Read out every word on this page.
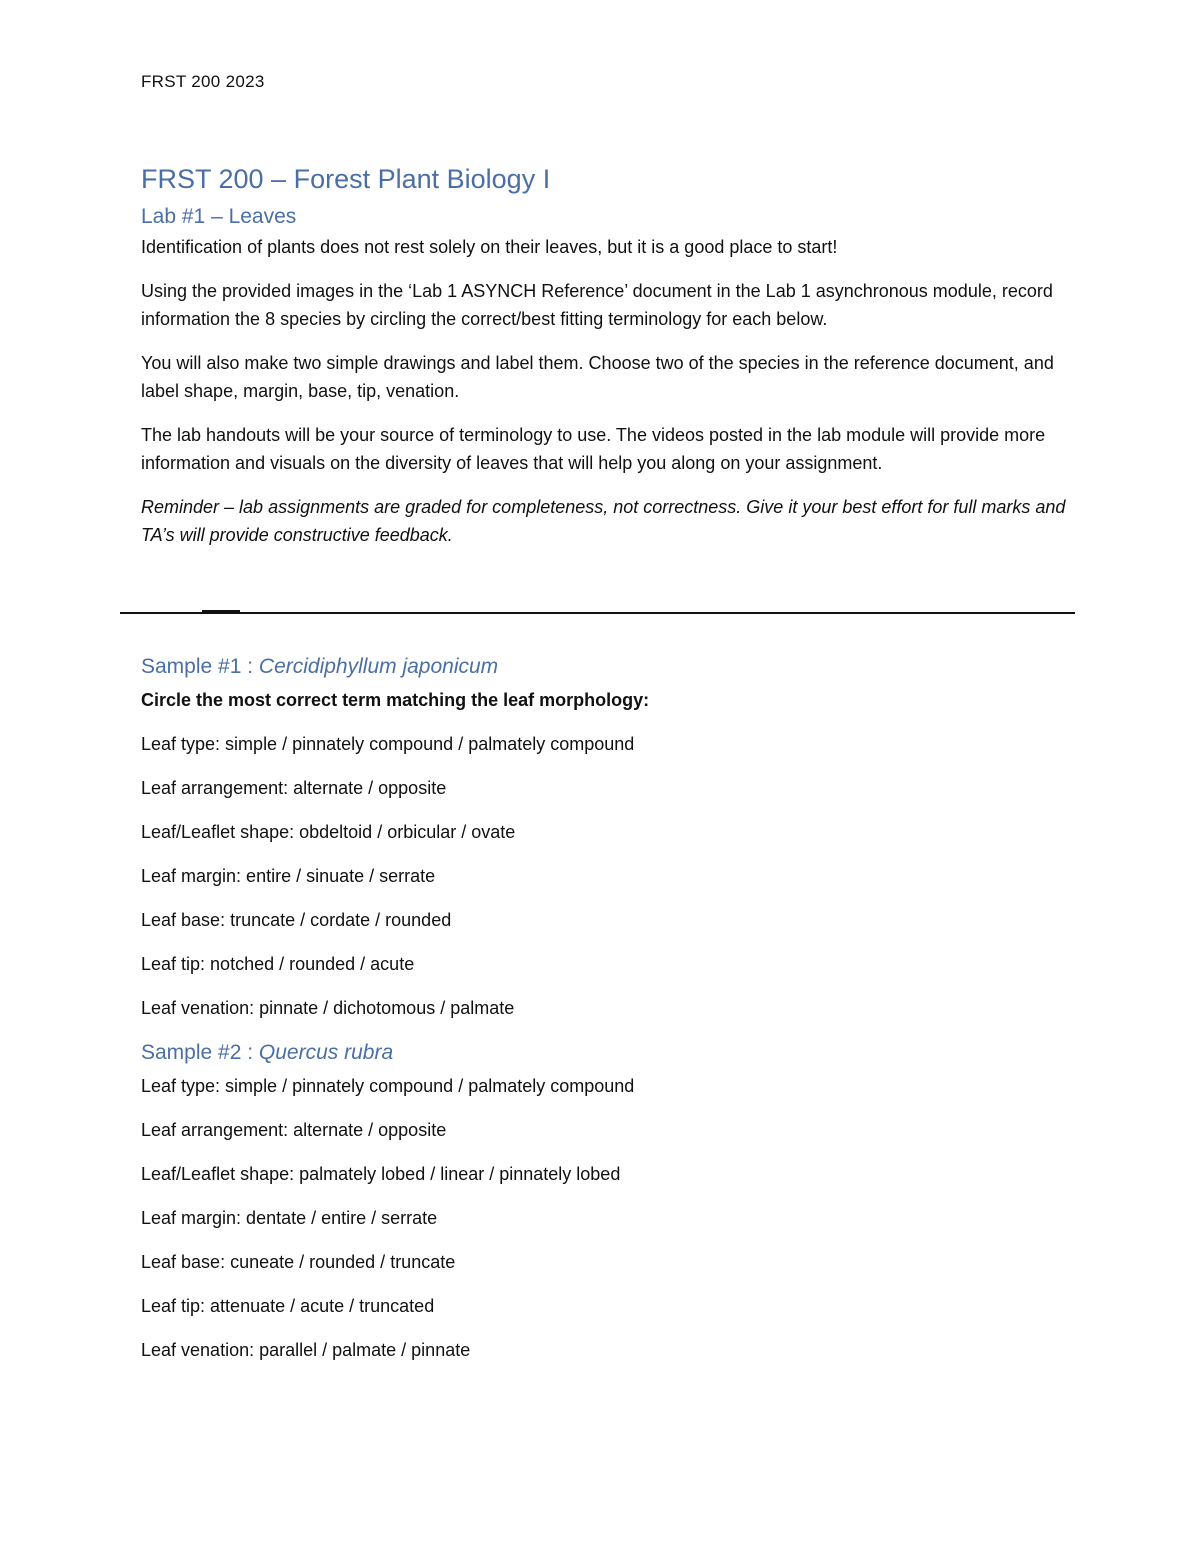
FRST 200 2023
FRST 200 – Forest Plant Biology I
Lab #1 – Leaves

Identification of plants does not rest solely on their leaves, but it is a good place to start!

Using the provided images in the ‘Lab 1 ASYNCH Reference’ document in the Lab 1 asynchronous module, record information the 8 species by circling the correct/best fitting terminology for each below.

You will also make two simple drawings and label them. Choose two of the species in the reference document, and label shape, margin, base, tip, venation.

The lab handouts will be your source of terminology to use. The videos posted in the lab module will provide more information and visuals on the diversity of leaves that will help you along on your assignment.

Reminder – lab assignments are graded for completeness, not correctness. Give it your best effort for full marks and TA’s will provide constructive feedback.

Sample #1 : Cercidiphyllum japonicum
Circle the most correct term matching the leaf morphology:
Leaf type: simple / pinnately compound / palmately compound
Leaf arrangement: alternate / opposite
Leaf/Leaflet shape: obdeltoid / orbicular / ovate
Leaf margin: entire / sinuate / serrate
Leaf base: truncate / cordate / rounded
Leaf tip: notched / rounded / acute
Leaf venation: pinnate / dichotomous / palmate
Sample #2 : Quercus rubra
Leaf type: simple / pinnately compound / palmately compound
Leaf arrangement: alternate / opposite
Leaf/Leaflet shape: palmately lobed / linear / pinnately lobed
Leaf margin: dentate / entire / serrate
Leaf base: cuneate / rounded / truncate
Leaf tip: attenuate / acute / truncated
Leaf venation: parallel / palmate / pinnate
